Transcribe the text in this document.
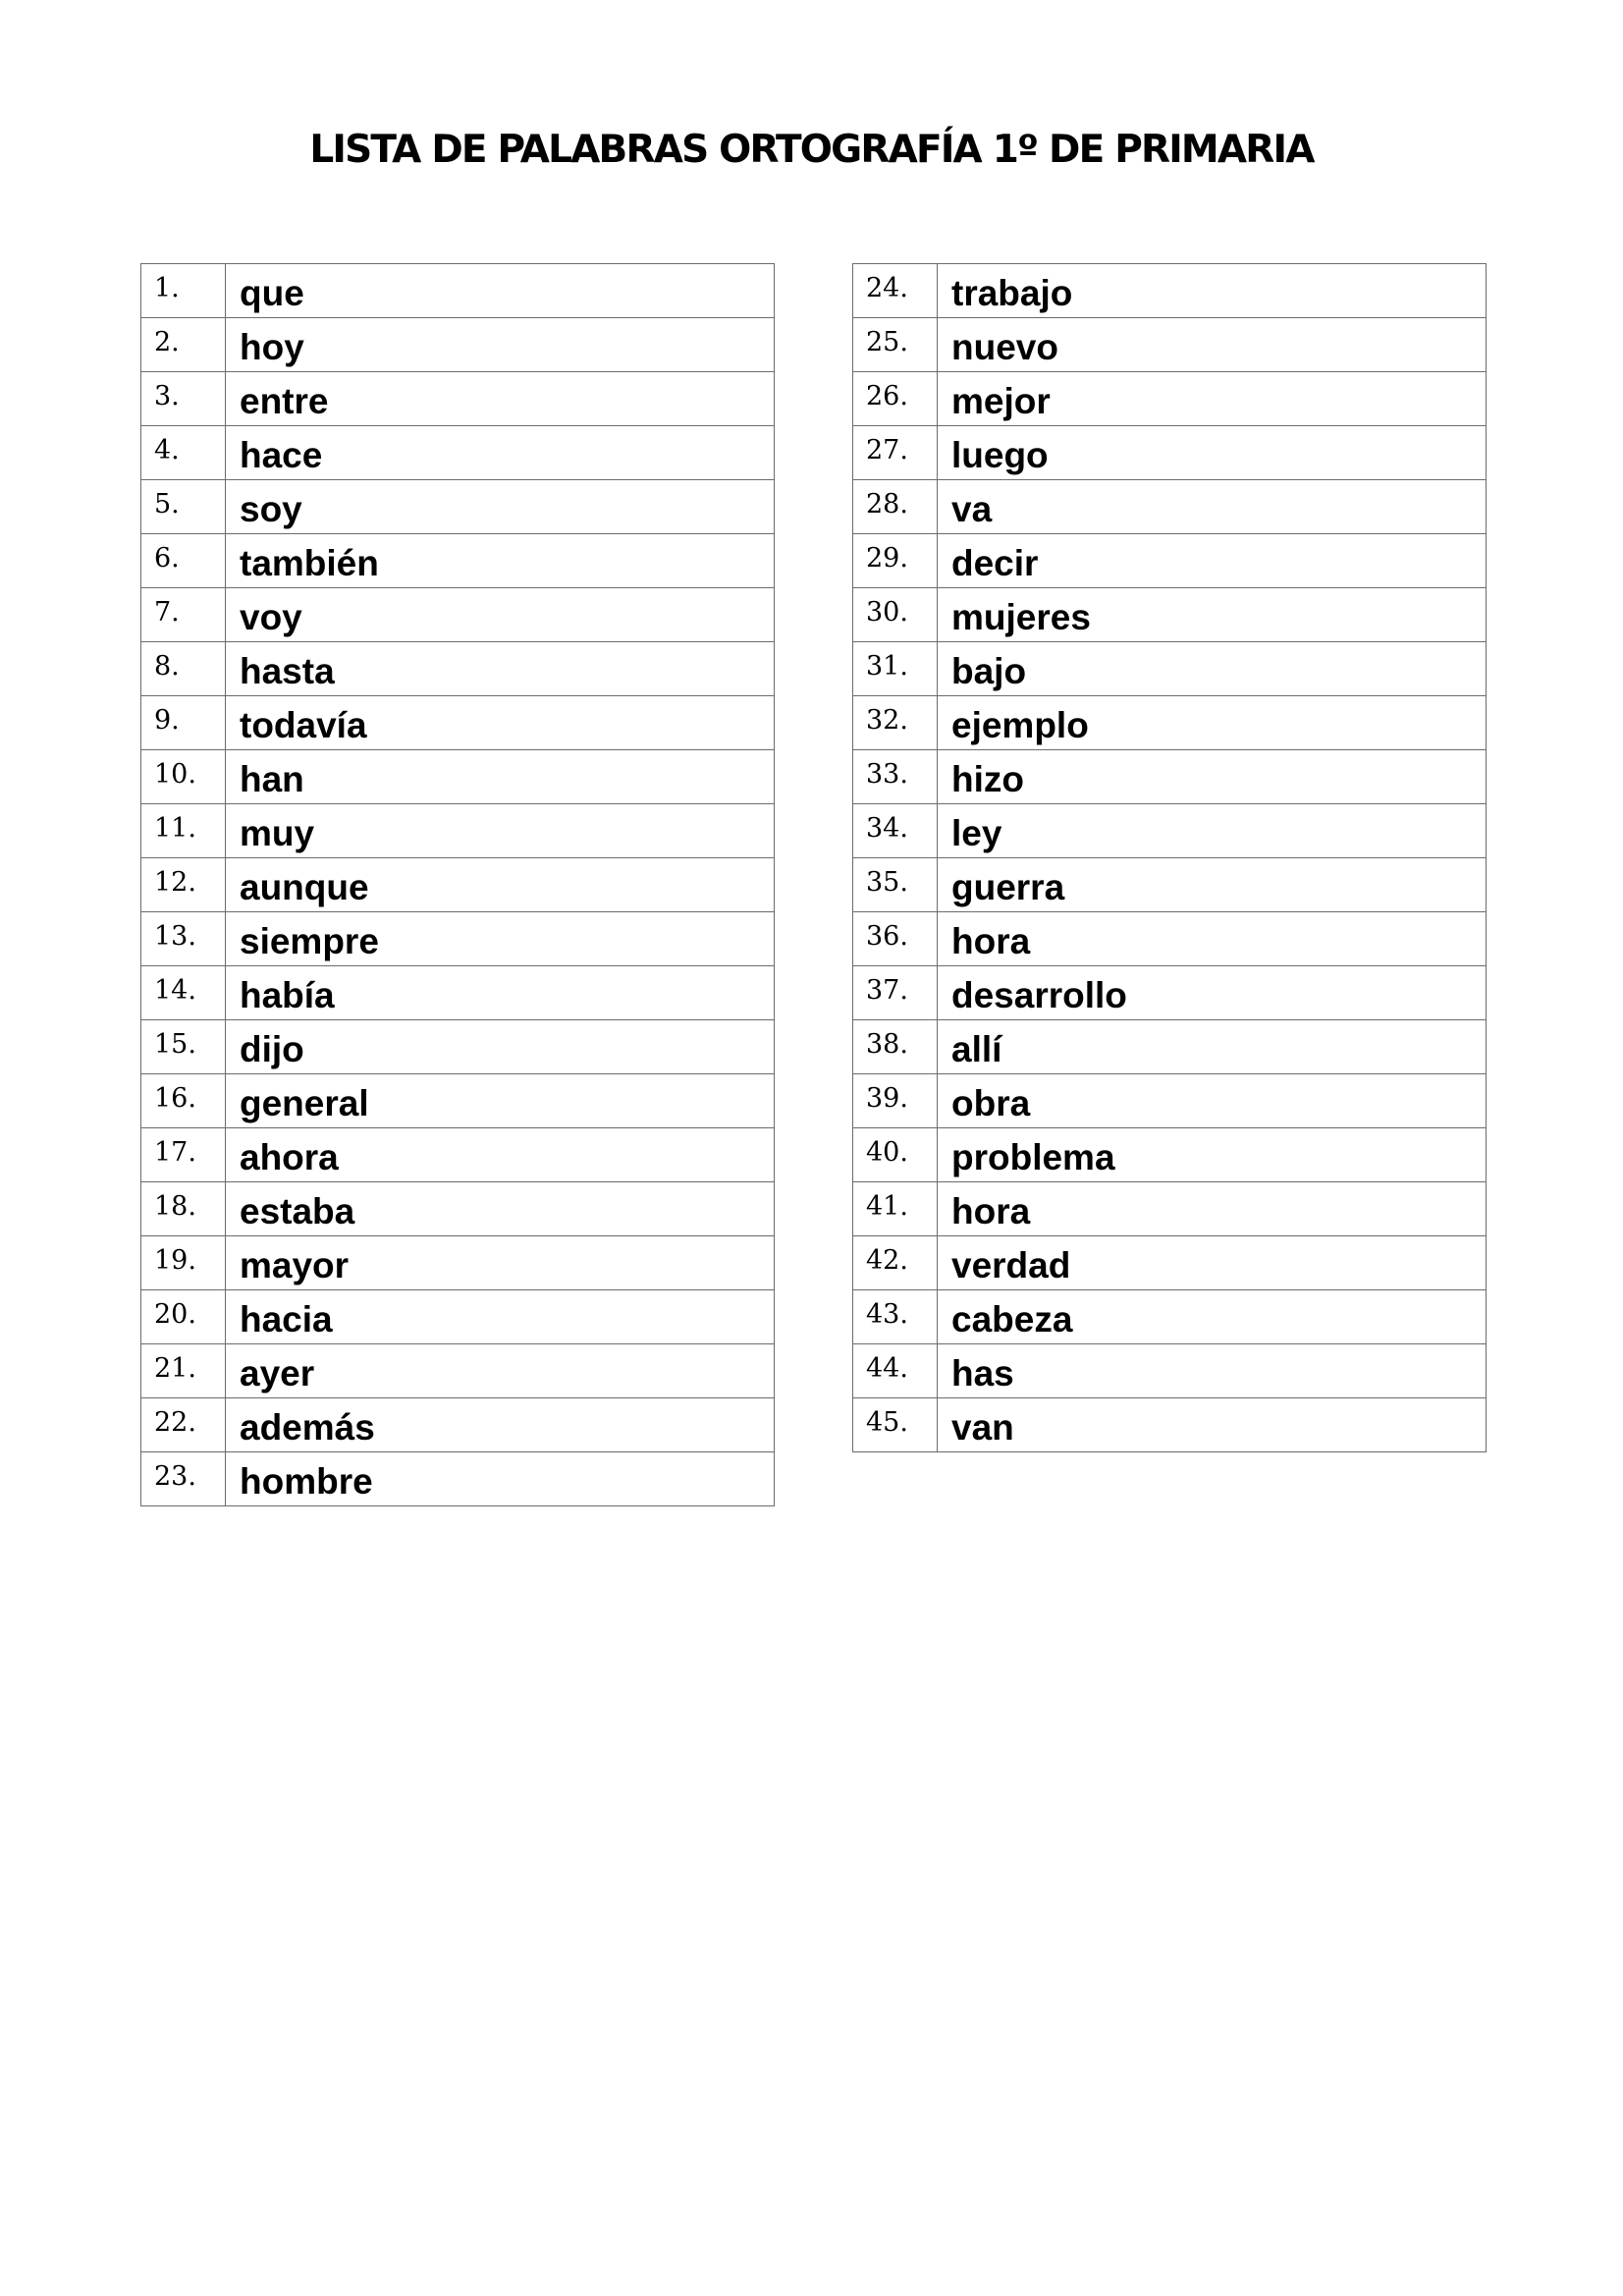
LISTA DE PALABRAS ORTOGRAFÍA 1º DE PRIMARIA
1.	que
2.	hoy
3.	entre
4.	hace
5.	soy
6.	también
7.	voy
8.	hasta
9.	todavía
10.	han
11.	muy
12.	aunque
13.	siempre
14.	había
15.	dijo
16.	general
17.	ahora
18.	estaba
19.	mayor
20.	hacia
21.	ayer
22.	además
23.	hombre
24.	trabajo
25.	nuevo
26.	mejor
27.	luego
28.	va
29.	decir
30.	mujeres
31.	bajo
32.	ejemplo
33.	hizo
34.	ley
35.	guerra
36.	hora
37.	desarrollo
38.	allí
39.	obra
40.	problema
41.	hora
42.	verdad
43.	cabeza
44.	has
45.	van
